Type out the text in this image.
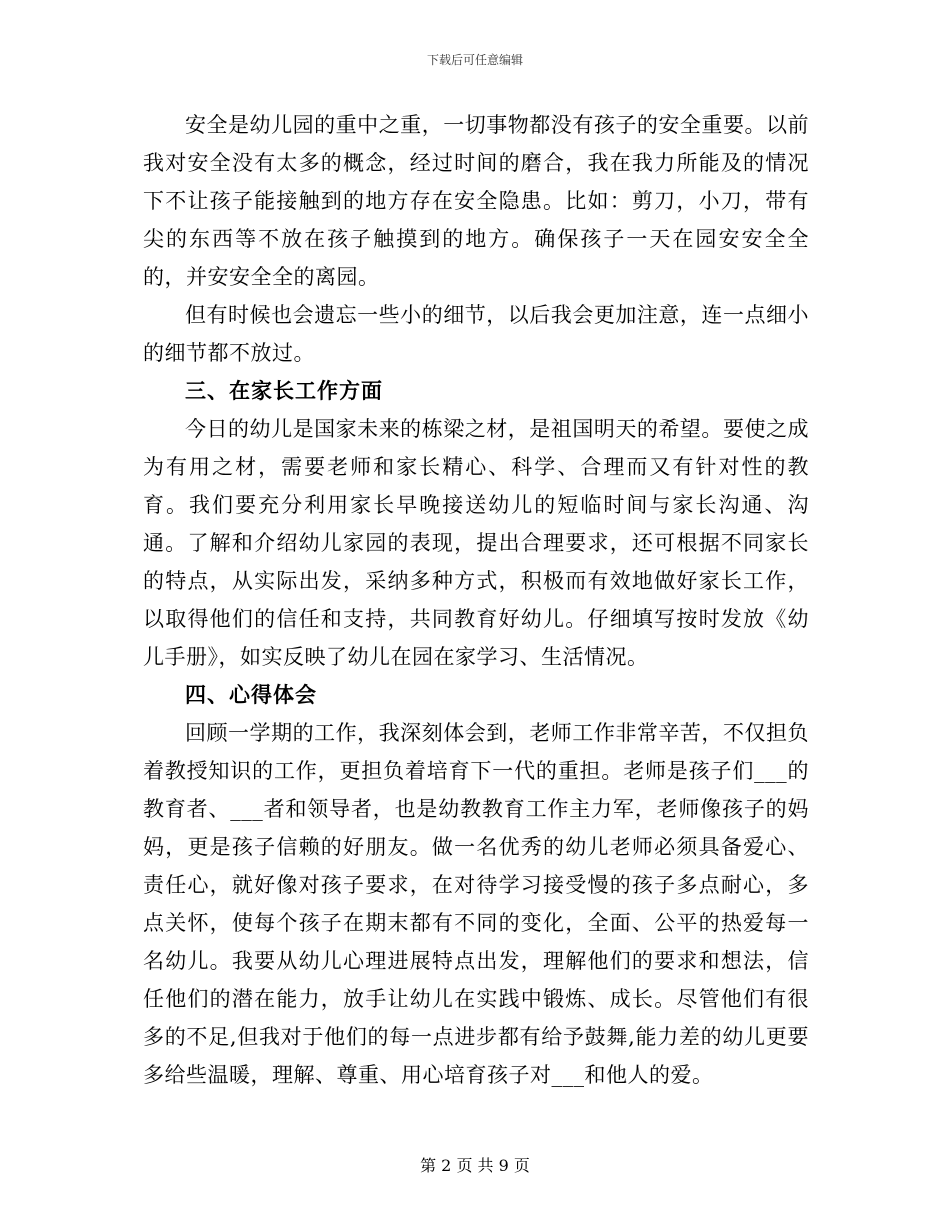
下载后可任意编辑

安全是幼儿园的重中之重，一切事物都没有孩子的安全重要。以前我对安全没有太多的概念，经过时间的磨合，我在我力所能及的情况下不让孩子能接触到的地方存在安全隐患。比如：剪刀，小刀，带有尖的东西等不放在孩子触摸到的地方。确保孩子一天在园安安全全的，并安安全全的离园。

但有时候也会遗忘一些小的细节，以后我会更加注意，连一点细小的细节都不放过。

三、在家长工作方面

今日的幼儿是国家未来的栋梁之材，是祖国明天的希望。要使之成为有用之材，需要老师和家长精心、科学、合理而又有针对性的教育。我们要充分利用家长早晚接送幼儿的短临时间与家长沟通、沟通。了解和介绍幼儿家园的表现，提出合理要求，还可根据不同家长的特点，从实际出发，采纳多种方式，积极而有效地做好家长工作，以取得他们的信任和支持，共同教育好幼儿。仔细填写按时发放《幼儿手册》，如实反映了幼儿在园在家学习、生活情况。

四、心得体会

回顾一学期的工作，我深刻体会到，老师工作非常辛苦，不仅担负着教授知识的工作，更担负着培育下一代的重担。老师是孩子们___的教育者、___者和领导者，也是幼教教育工作主力军，老师像孩子的妈妈，更是孩子信赖的好朋友。做一名优秀的幼儿老师必须具备爱心、责任心，就好像对孩子要求，在对待学习接受慢的孩子多点耐心，多点关怀，使每个孩子在期末都有不同的变化，全面、公平的热爱每一名幼儿。我要从幼儿心理进展特点出发，理解他们的要求和想法，信任他们的潜在能力，放手让幼儿在实践中锻炼、成长。尽管他们有很多的不足,但我对于他们的每一点进步都有给予鼓舞,能力差的幼儿更要多给些温暖，理解、尊重、用心培育孩子对___和他人的爱。

第 2 页 共 9 页
